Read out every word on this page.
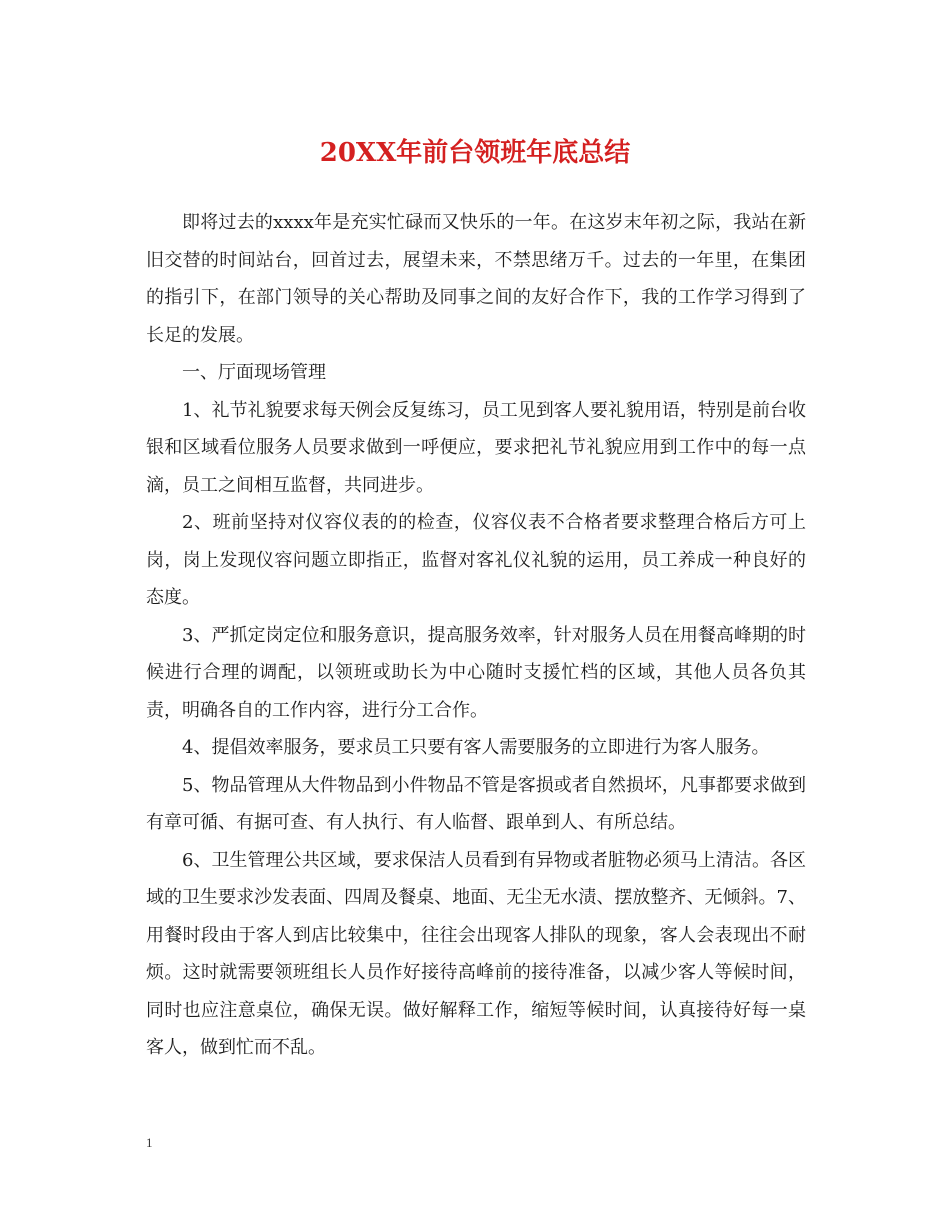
20XX年前台领班年底总结

即将过去的xxxx年是充实忙碌而又快乐的一年。在这岁末年初之际，我站在新旧交替的时间站台，回首过去，展望未来，不禁思绪万千。过去的一年里，在集团的指引下，在部门领导的关心帮助及同事之间的友好合作下，我的工作学习得到了长足的发展。

一、厅面现场管理

1、礼节礼貌要求每天例会反复练习，员工见到客人要礼貌用语，特别是前台收银和区域看位服务人员要求做到一呼便应，要求把礼节礼貌应用到工作中的每一点滴，员工之间相互监督，共同进步。

2、班前坚持对仪容仪表的的检查，仪容仪表不合格者要求整理合格后方可上岗，岗上发现仪容问题立即指正，监督对客礼仪礼貌的运用，员工养成一种良好的态度。

3、严抓定岗定位和服务意识，提高服务效率，针对服务人员在用餐高峰期的时候进行合理的调配，以领班或助长为中心随时支援忙档的区域，其他人员各负其责，明确各自的工作内容，进行分工合作。

4、提倡效率服务，要求员工只要有客人需要服务的立即进行为客人服务。

5、物品管理从大件物品到小件物品不管是客损或者自然损坏，凡事都要求做到有章可循、有据可查、有人执行、有人临督、跟单到人、有所总结。

6、卫生管理公共区域，要求保洁人员看到有异物或者脏物必须马上清洁。各区域的卫生要求沙发表面、四周及餐桌、地面、无尘无水渍、摆放整齐、无倾斜。7、用餐时段由于客人到店比较集中，往往会出现客人排队的现象，客人会表现出不耐烦。这时就需要领班组长人员作好接待高峰前的接待准备，以减少客人等候时间，同时也应注意桌位，确保无误。做好解释工作，缩短等候时间，认真接待好每一桌客人，做到忙而不乱。

1
